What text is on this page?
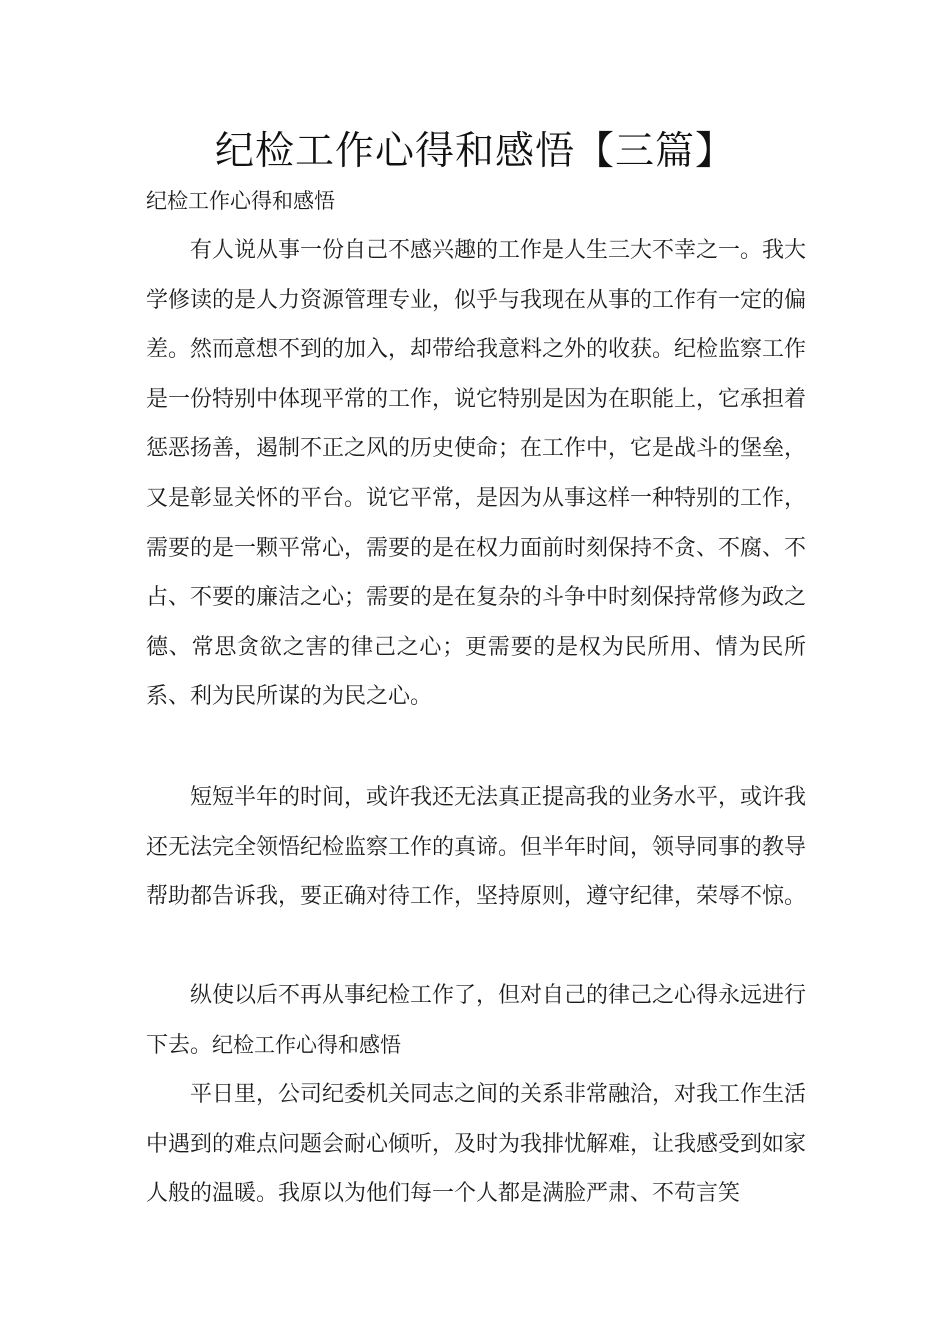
纪检工作心得和感悟【三篇】
纪检工作心得和感悟
有人说从事一份自己不感兴趣的工作是人生三大不幸之一。我大学修读的是人力资源管理专业，似乎与我现在从事的工作有一定的偏差。然而意想不到的加入，却带给我意料之外的收获。纪检监察工作是一份特别中体现平常的工作，说它特别是因为在职能上，它承担着惩恶扬善，遏制不正之风的历史使命；在工作中，它是战斗的堡垒，又是彰显关怀的平台。说它平常，是因为从事这样一种特别的工作，需要的是一颗平常心，需要的是在权力面前时刻保持不贪、不腐、不占、不要的廉洁之心；需要的是在复杂的斗争中时刻保持常修为政之德、常思贪欲之害的律己之心；更需要的是权为民所用、情为民所系、利为民所谋的为民之心。
短短半年的时间，或许我还无法真正提高我的业务水平，或许我还无法完全领悟纪检监察工作的真谛。但半年时间，领导同事的教导帮助都告诉我，要正确对待工作，坚持原则，遵守纪律，荣辱不惊。
纵使以后不再从事纪检工作了，但对自己的律己之心得永远进行下去。纪检工作心得和感悟
平日里，公司纪委机关同志之间的关系非常融洽，对我工作生活中遇到的难点问题会耐心倾听，及时为我排忧解难，让我感受到如家人般的温暖。我原以为他们每一个人都是满脸严肃、不苟言笑
